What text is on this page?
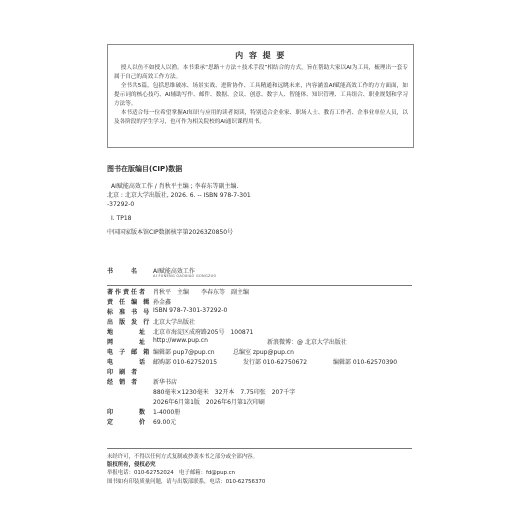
内 容 提 要

授人以鱼不如授人以渔。本书秉承“思路＋方法＋技术手段”相结合的方式，旨在帮助大家以AI为工具，梳理出一套专属于自己的高效工作方法。

全书共5篇，包括思维破冰、场景实战、进阶协作、工具精通和远眺未来，内容涵盖AI赋能高效工作的方方面面，如提示词的核心技巧、AI辅助写作、邮件、数据、会议、创意、数字人、智能体、知识管理、工具组合、职业规划和学习方法等。

本书适合每一位希望掌握AI知识与应用的读者阅读，特别适合企业家、职场人士、教育工作者、企事业单位人员，以及各阶段的学生学习，也可作为相关院校的AI通识课程用书。

图书在版编目(CIP)数据
AI赋能高效工作 / 肖秋平主编 ; 李春东等副主编.
北京 : 北京大学出版社, 2026. 6. -- ISBN 978-7-301
-37292-0
Ⅰ. TP18
中国国家版本馆CIP数据核字第20263Z0850号
书　　名 AI赋能高效工作
AI FUNENG GAOXIAO GONGZUO
著作责任者 肖秋平　主编　　李春东等　副主编
责 任 编 辑 孙金鑫
标 准 书 号 ISBN 978-7-301-37292-0
出 版 发 行 北京大学出版社
地　　　址 北京市海淀区成府路205号　100871
网　　　址 http://www.pup.cn	新浪微博：@ 北京大学出版社
电 子 邮 箱 编辑部 pup7@pup.cn	总编室 zpup@pup.cn
电　　　话 邮购部 010-62752015	发行部 010-62750672	编辑部 010-62570390
印 刷 者
经 销 者 新华书店
880毫米×1230毫米　32开本　7.75印张　207千字
2026年6月第1版　2026年6月第1次印刷
印　　　数 1-4000册
定　　　价 69.00元
未经许可，不得以任何方式复制或抄袭本书之部分或全部内容。
版权所有，侵权必究
举报电话：010-62752024　电子邮箱：fd@pup.cn
图书如有印装质量问题，请与出版部联系，电话：010-62756370
